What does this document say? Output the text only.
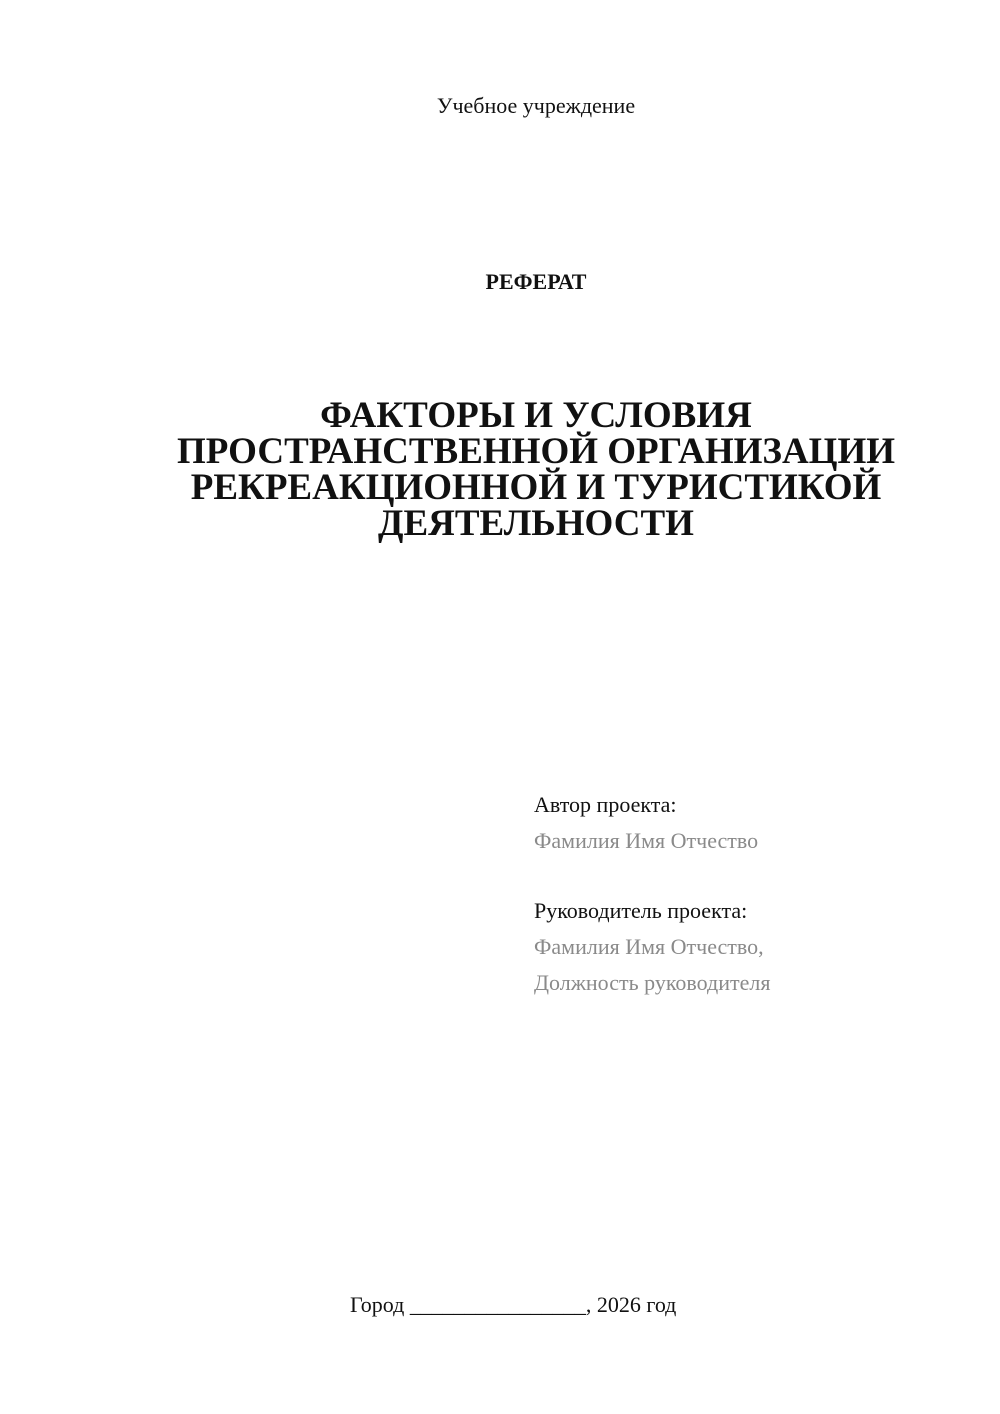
Учебное учреждение
РЕФЕРАТ
ФАКТОРЫ И УСЛОВИЯ
ПРОСТРАНСТВЕННОЙ ОРГАНИЗАЦИИ
РЕКРЕАКЦИОННОЙ И ТУРИСТИКОЙ
ДЕЯТЕЛЬНОСТИ
Автор проекта:
Фамилия Имя Отчество
Руководитель проекта:
Фамилия Имя Отчество,
Должность руководителя
Город ________________, 2026 год
